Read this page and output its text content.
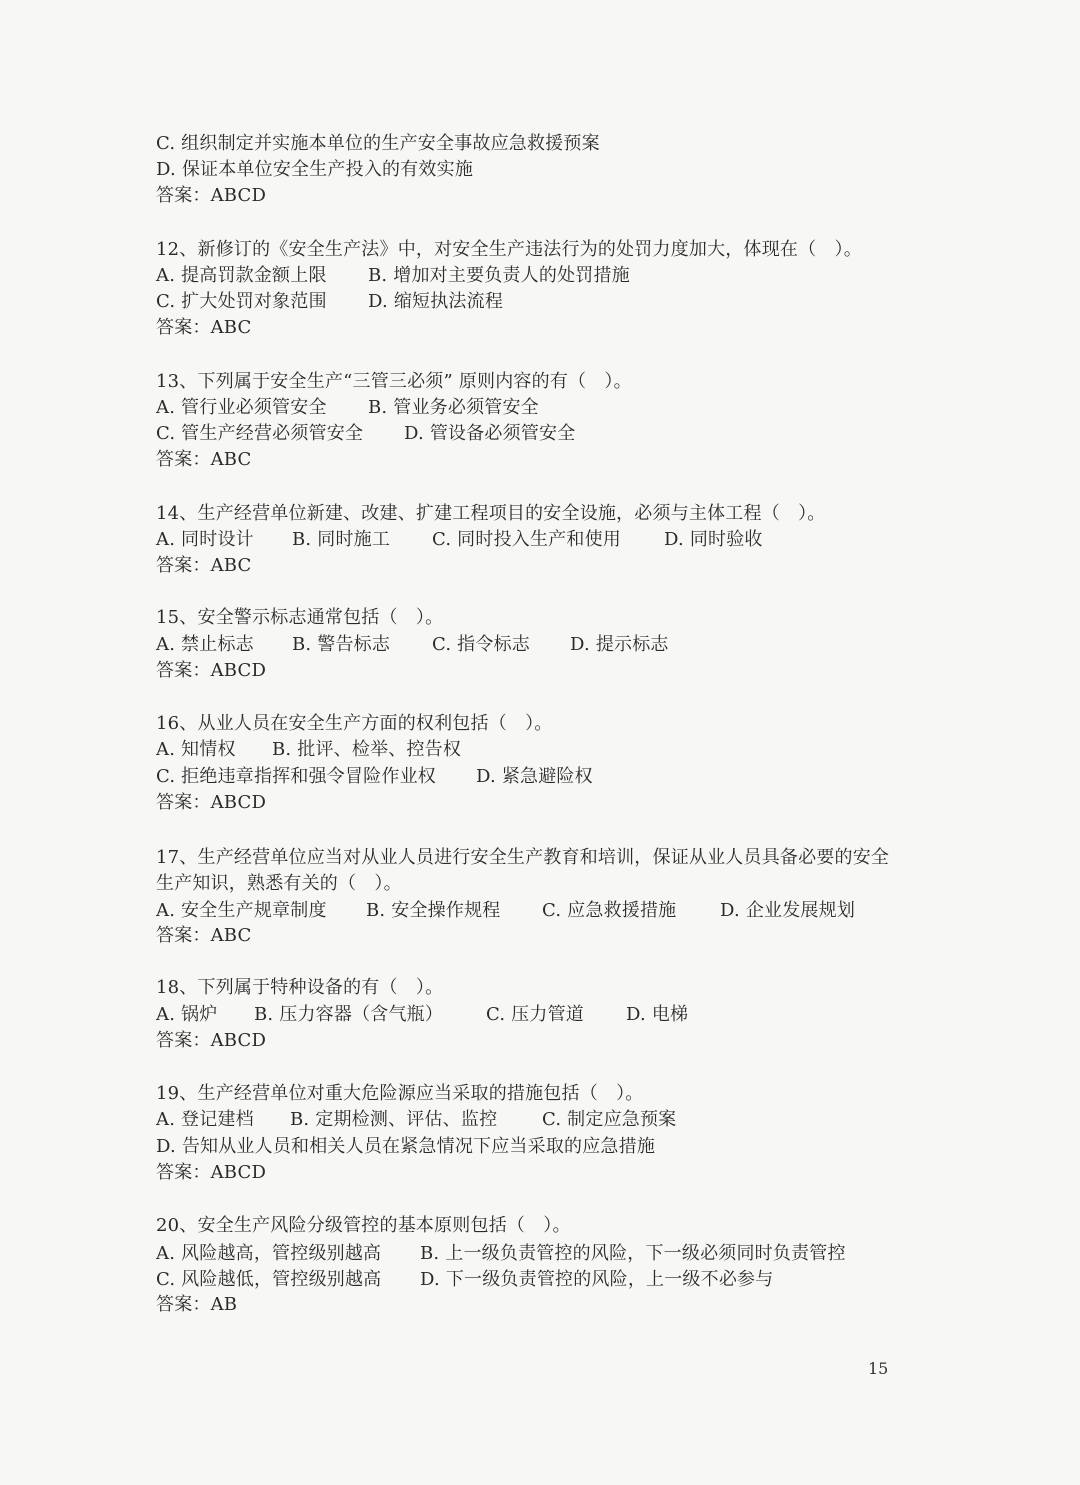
C. 组织制定并实施本单位的生产安全事故应急救援预案
D. 保证本单位安全生产投入的有效实施
答案：ABCD
12、新修订的《安全生产法》中，对安全生产违法行为的处罚力度加大，体现在（　）。
A. 提高罚款金额上限 B. 增加对主要负责人的处罚措施
C. 扩大处罚对象范围 D. 缩短执法流程
答案：ABC
13、下列属于安全生产“三管三必须” 原则内容的有（　）。
A. 管行业必须管安全 B. 管业务必须管安全
C. 管生产经营必须管安全 D. 管设备必须管安全
答案：ABC
14、生产经营单位新建、改建、扩建工程项目的安全设施，必须与主体工程（　）。
A. 同时设计 B. 同时施工 C. 同时投入生产和使用 D. 同时验收
答案：ABC
15、安全警示标志通常包括（　）。
A. 禁止标志 B. 警告标志 C. 指令标志 D. 提示标志
答案：ABCD
16、从业人员在安全生产方面的权利包括（　）。
A. 知情权 B. 批评、检举、控告权
C. 拒绝违章指挥和强令冒险作业权 D. 紧急避险权
答案：ABCD
17、生产经营单位应当对从业人员进行安全生产教育和培训，保证从业人员具备必要的安全
生产知识，熟悉有关的（　）。
A. 安全生产规章制度 B. 安全操作规程 C. 应急救援措施 D. 企业发展规划
答案：ABC
18、下列属于特种设备的有（　）。
A. 锅炉 B. 压力容器（含气瓶） C. 压力管道 D. 电梯
答案：ABCD
19、生产经营单位对重大危险源应当采取的措施包括（　）。
A. 登记建档 B. 定期检测、评估、监控 C. 制定应急预案
D. 告知从业人员和相关人员在紧急情况下应当采取的应急措施
答案：ABCD
20、安全生产风险分级管控的基本原则包括（　）。
A. 风险越高，管控级别越高 B. 上一级负责管控的风险，下一级必须同时负责管控
C. 风险越低，管控级别越高 D. 下一级负责管控的风险，上一级不必参与
答案：AB
15
